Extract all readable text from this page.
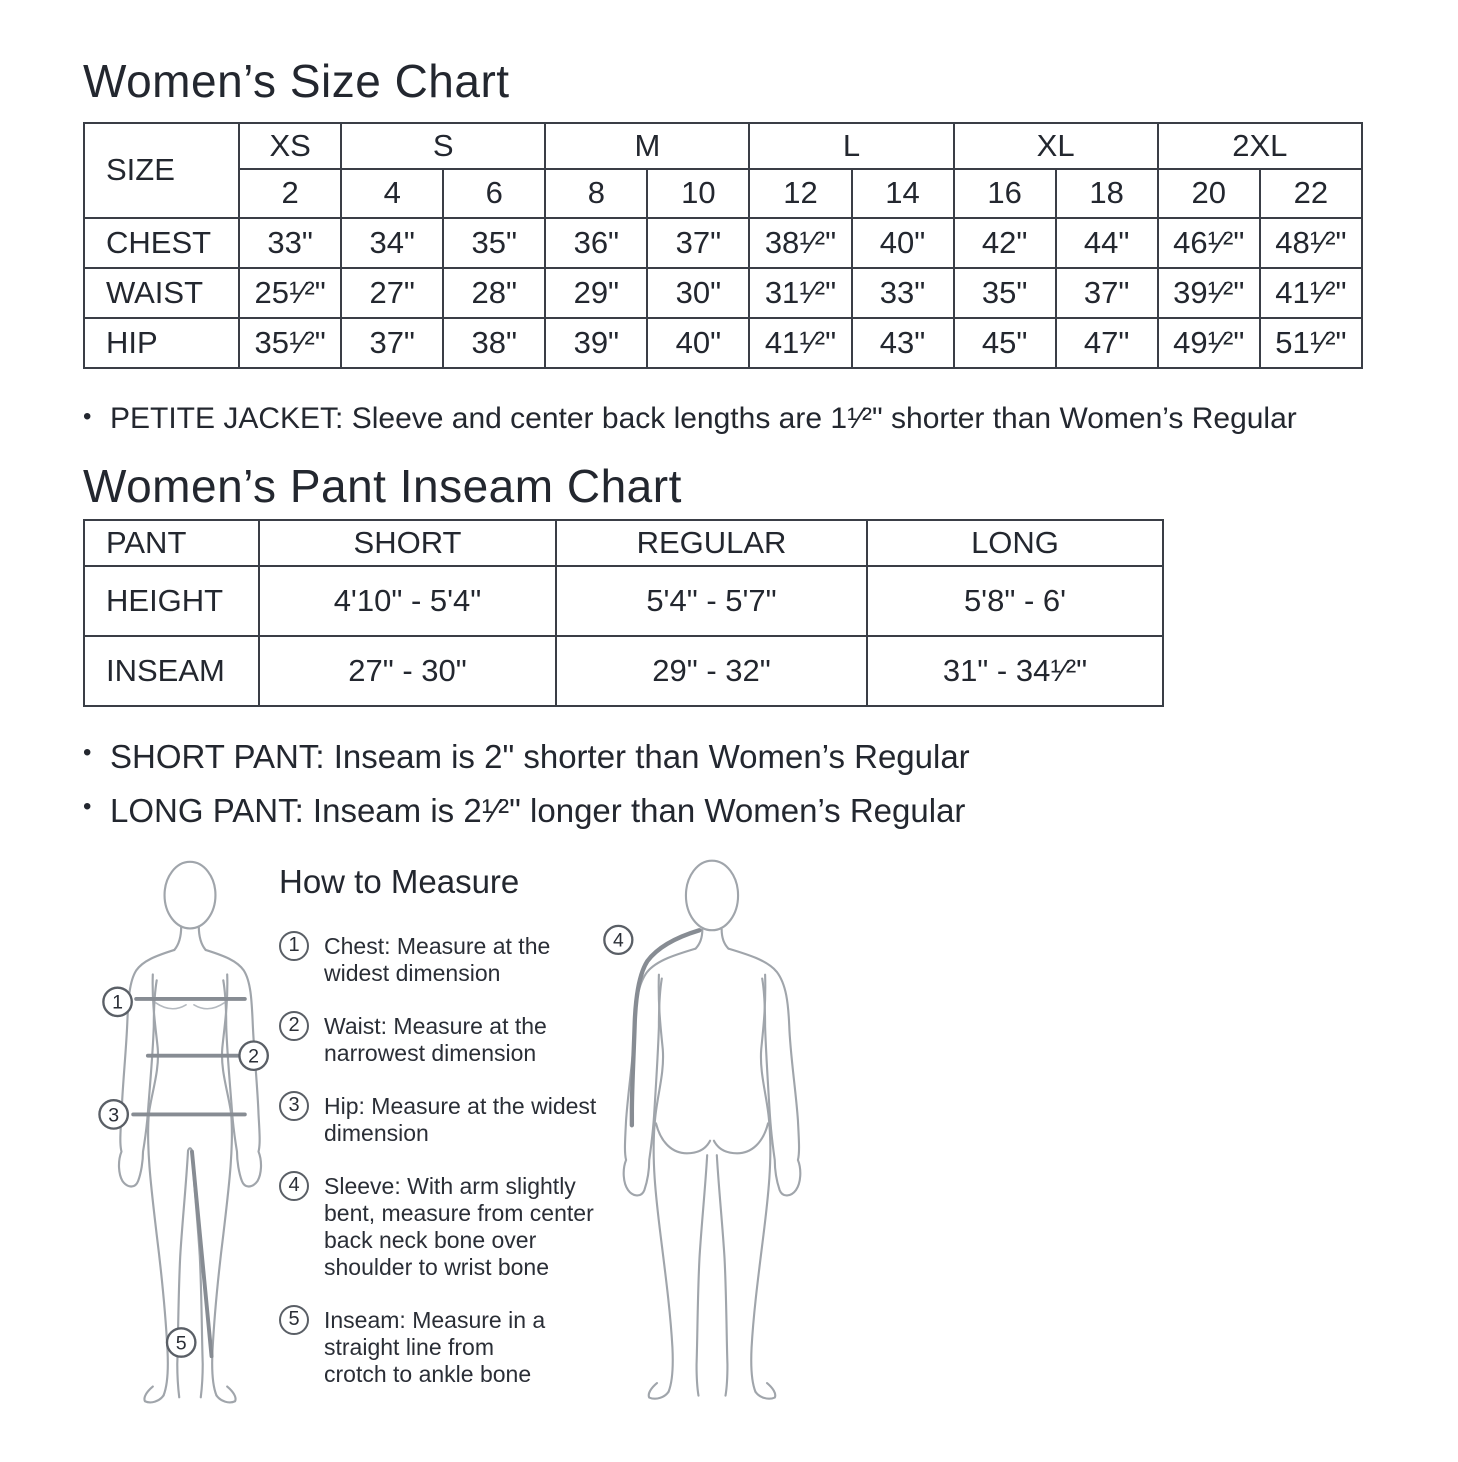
Women’s Size Chart
SIZE	XS	S		M		L		XL		2XL	
	2	4	6	8	10	12	14	16	18	20	22
CHEST	33"	34"	35"	36"	37"	38¹⁄²"	40"	42"	44"	46¹⁄²"	48¹⁄²"
WAIST	25¹⁄²"	27"	28"	29"	30"	31¹⁄²"	33"	35"	37"	39¹⁄²"	41¹⁄²"
HIP	35¹⁄²"	37"	38"	39"	40"	41¹⁄²"	43"	45"	47"	49¹⁄²"	51¹⁄²"
• PETITE JACKET: Sleeve and center back lengths are 1¹⁄²" shorter than Women’s Regular
Women’s Pant Inseam Chart
PANT	SHORT	REGULAR	LONG
HEIGHT	4'10" - 5'4"	5'4" - 5'7"	5'8" - 6'
INSEAM	27" - 30"	29" - 32"	31" - 34¹⁄²"
• SHORT PANT: Inseam is 2" shorter than Women’s Regular
• LONG PANT: Inseam is 2¹⁄²" longer than Women’s Regular
1
2
3
5
How to Measure
1	Chest: Measure at the widest dimension
2	Waist: Measure at the narrowest dimension
3	Hip: Measure at the widest dimension
4	Sleeve: With arm slightly bent, measure from center back neck bone over shoulder to wrist bone
5	Inseam: Measure in a straight line from crotch to ankle bone
4
